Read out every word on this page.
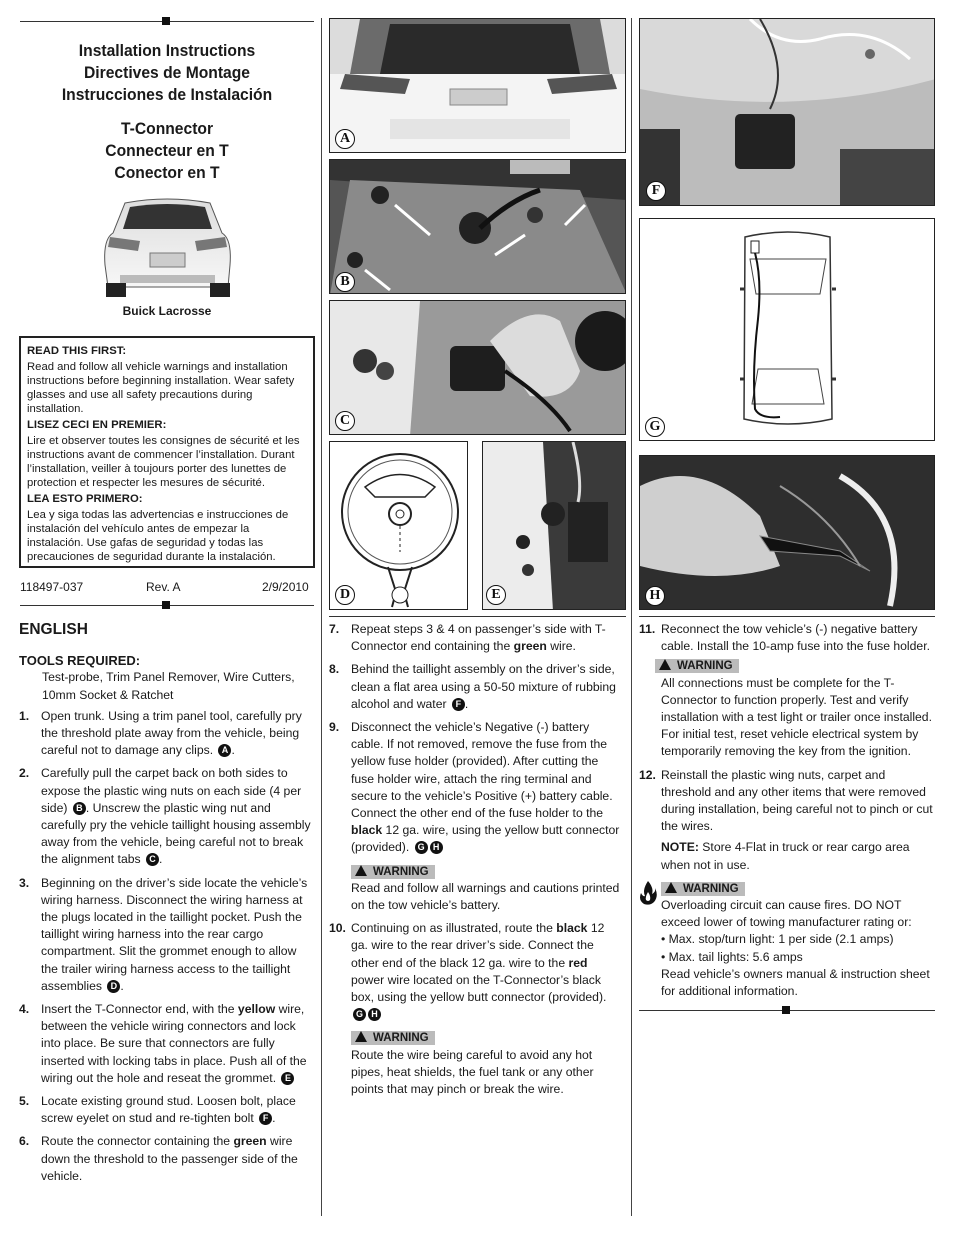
Installation Instructions
Directives de Montage
Instrucciones de Instalación
T-Connector
Connecteur en T
Conector en T
Buick Lacrosse

READ THIS FIRST:

Read and follow all vehicle warnings and installation instructions before beginning installation. Wear safety glasses and use all safety precautions during installation.

LISEZ CECI EN PREMIER:

Lire et observer toutes les consignes de sécurité et les instructions avant de commencer l’installation. Durant l’installation, veiller à toujours porter des lunettes de protection et respecter les mesures de sécurité.

LEA ESTO PRIMERO:

Lea y siga todas las advertencias e instrucciones de instalación del vehículo antes de empezar la instalación. Use gafas de seguridad y todas las precauciones de seguridad durante la instalación.

118497-037	Rev. A	2/9/2010
A
B
C
D	E
F
G
H
ENGLISH
TOOLS REQUIRED:
Test-probe, Trim Panel Remover, Wire Cutters, 10mm Socket & Ratchet
1. Open trunk. Using a trim panel tool, carefully pry the threshold plate away from the vehicle, being careful not to damage any clips. A .
2. Carefully pull the carpet back on both sides to expose the plastic wing nuts on each side (4 per side) B . Unscrew the plastic wing nut and carefully pry the vehicle taillight housing assembly away from the vehicle, being careful not to break the alignment tabs C .
3. Beginning on the driver’s side locate the vehicle’s wiring harness. Disconnect the wiring harness at the plugs located in the taillight pocket. Push the taillight wiring harness into the rear cargo compartment. Slit the grommet enough to allow the trailer wiring harness access to the taillight assemblies D .
4. Insert the T-Connector end, with the yellow wire, between the vehicle wiring connectors and lock into place. Be sure that connectors are fully inserted with locking tabs in place. Push all of the wiring out the hole and reseat the grommet. E
5. Locate existing ground stud. Loosen bolt, place screw eyelet on stud and re-tighten bolt F .
6. Route the connector containing the green wire down the threshold to the passenger side of the vehicle.
7. Repeat steps 3 & 4 on passenger’s side with T-Connector end containing the green wire.
8. Behind the taillight assembly on the driver’s side, clean a flat area using a 50-50 mixture of rubbing alcohol and water F .
9. Disconnect the vehicle’s Negative (-) battery cable. If not removed, remove the fuse from the yellow fuse holder (provided). After cutting the fuse holder wire, attach the ring terminal and secure to the vehicle’s Positive (+) battery cable. Connect the other end of the fuse holder to the black 12 ga. wire, using the yellow butt connector (provided). G H
WARNING
Read and follow all warnings and cautions printed on the tow vehicle’s battery.
10. Continuing on as illustrated, route the black 12 ga. wire to the rear driver’s side. Connect the other end of the black 12 ga. wire to the red power wire located on the T-Connector’s black box, using the yellow butt connector (provided). G H
WARNING
Route the wire being careful to avoid any hot pipes, heat shields, the fuel tank or any other points that may pinch or break the wire.
11. Reconnect the tow vehicle’s (-) negative battery cable. Install the 10-amp fuse into the fuse holder.
WARNING
All connections must be complete for the T-Connector to function properly. Test and verify installation with a test light or trailer once installed. For initial test, reset vehicle electrical system by temporarily removing the key from the ignition.
12. Reinstall the plastic wing nuts, carpet and threshold and any other items that were removed during installation, being careful not to pinch or cut the wires.
NOTE: Store 4-Flat in truck or rear cargo area when not in use.
WARNING
Overloading circuit can cause fires. DO NOT exceed lower of towing manufacturer rating or:
• Max. stop/turn light: 1 per side (2.1 amps)
• Max. tail lights: 5.6 amps
Read vehicle’s owners manual & instruction sheet for additional information.
